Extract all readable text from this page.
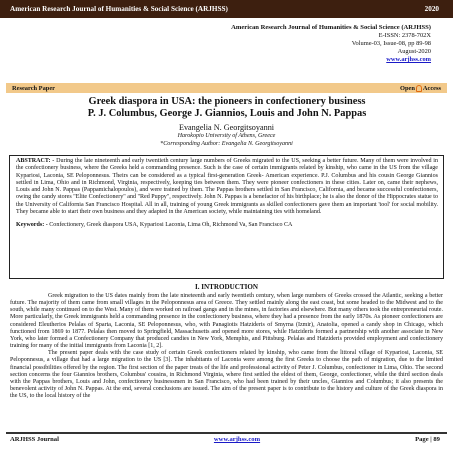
American Research Journal of Humanities & Social Science (ARJHSS)	2020
American Research Journal of Humanities & Social Science (ARJHSS)
E-ISSN: 2378-702X
Volume-03, Issue-08, pp 89-98
August-2020
www.arjhss.com
Research Paper	Open Access
Greek diaspora in USA: the pioneers in confectionery business
P. J. Columbus, George J. Giannios, Louis and John N. Pappas
Evangelia N. Georgitsoyanni
Harokopio University of Athens, Greece
*Corresponding Author: Evangelia N. Georgitsoyanni
ABSTRACT: - During the late nineteenth and early twentieth century large numbers of Greeks migrated to the US, seeking a better future. Many of them were involved in the confectionery business, where the Greeks held a commanding presence. Such is the case of certain immigrants related by kinship, who came in the US from the village Kypariosi, Laconia, SE Peloponnesus. Theirs can be considered as a typical first-generation Greek- American experience. P.J. Columbus and his cousin George Giannios settled in Lima, Ohio and in Richmond, Virginia, respectively, keeping ties between them. They were pioneer confectioners in these cities. Later on, came their nephews, Louis and John N. Pappas (Pappamichalopoulos), and were trained by them. The Pappas brothers settled in San Francisco, California, and became successful confectioners, owing the candy stores "Elite Confectionery" and "Red Puppy", respectively. John N. Pappas is a benefactor of his birthplace; he is also the donor of the Hippocrates statue to the University of California San Francisco Hospital. All in all, training of young Greek immigrants as skilled confectioners gave them an important 'tool' for social mobility. They became able to start their own business and they adapted in the American society, while maintaining ties with homeland.
Keywords: - Confectionery, Greek diaspora USA, Kypariosi Laconia, Lima Oh, Richmond Va, San Francisco CA
I. INTRODUCTION

Greek migration to the US dates mainly from the late nineteenth and early twentieth century, when large numbers of Greeks crossed the Atlantic, seeking a better future. The majority of them came from small villages in the Peloponnesus area of Greece. They settled mainly along the east coast, but some headed to the Midwest and to the south, while many continued on to the West. Many of them worked on railroad gangs and in the mines, in factories and elsewhere. But many others took the entrepreneurial route. More particularly, the Greek immigrants held a commanding presence in the confectionery business, where they had a presence from the early 1870s. As pioneer confectioners are considered Eleutherios Pelalas of Sparta, Laconia, SE Peloponnesus, who, with Panagiotis Hatzideris of Smyrna (Izmir), Anatolia, opened a candy shop in Chicago, which functioned from 1869 to 1877. Pelalas then moved to Springfield, Massachusetts and opened more stores, while Hatzideris formed a partnership with another associate in New York, who later formed a Confectionery Company that produced candies in New York, Memphis, and Pittsburg. Pelalas and Hatzideris provided employment and confectionery training for many of the initial immigrants from Laconia [1, 2].

The present paper deals with the case study of certain Greek confectioners related by kinship, who came from the littoral village of Kypariosi, Laconia, SE Peloponnesus, a village that had a large migration to the US [3]. The inhabitants of Laconia were among the first Greeks to choose the path of migration, due to the limited financial possibilities offered by the region. The first section of the paper treats of the life and professional activity of Peter J. Columbus, confectioner in Lima, Ohio. The second section concerns the four Giannios brothers, Columbus' cousins, in Richmond Virginia, where first settled the eldest of them, George, confectioner, while the third section deals with the Pappas brothers, Louis and John, confectionery businessmen in San Francisco, who had been trained by their uncles, Giannios and Columbus; it also presents the benevolent activity of John N. Pappas. At the end, several conclusions are issued. The aim of the present paper is to contribute to the history and culture of the Greek diaspora in the US, to the local history of the

ARJHSS Journal	www.arjhss.com	Page | 89
